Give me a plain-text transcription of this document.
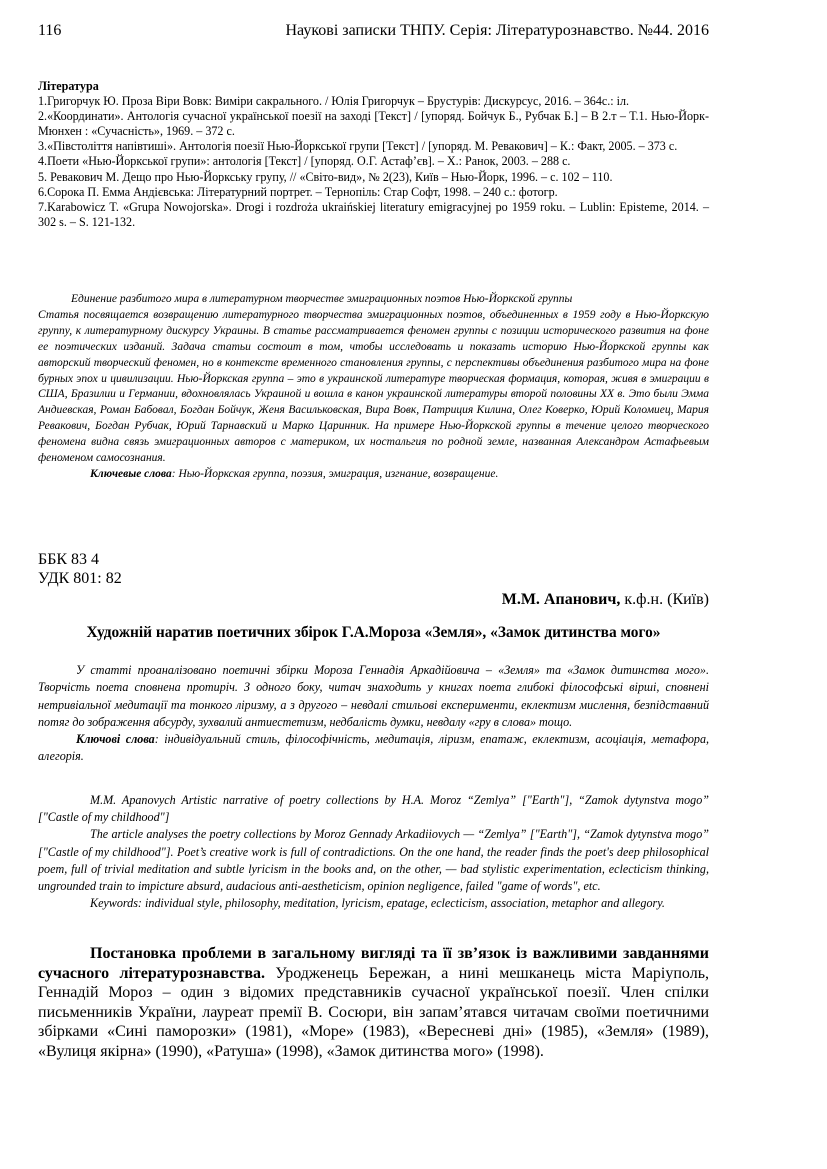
116	Наукові записки ТНПУ. Серія: Літературознавство. №44. 2016
Література

1.Григорчук Ю. Проза Віри Вовк: Виміри сакрального. / Юлія Григорчук – Брустурів: Дискурсус, 2016. – 364с.: іл.

2.«Координати». Антологія сучасної української поезії на заході [Текст] / [упоряд. Бойчук Б., Рубчак Б.] – В 2.т – Т.1. Нью-Йорк-Мюнхен : «Сучасність», 1969. – 372 с.

3.«Півстоліття напівтиші». Антологія поезії Нью-Йоркської групи [Текст] / [упоряд. М. Ревакович] – К.: Факт, 2005. – 373 с.

4.Поети «Нью-Йоркської групи»: антологія [Текст] / [упоряд. О.Г. Астаф’єв]. – Х.: Ранок, 2003. – 288 с.

5. Ревакович М. Дещо про Нью-Йоркську групу, // «Світо-вид», № 2(23), Київ – Нью-Йорк, 1996. – с. 102 – 110.

6.Сорока П. Емма Андієвська: Літературний портрет. – Тернопіль: Стар Софт, 1998. – 240 с.: фотогр.

7.Karabowicz T. «Grupa Nowojorska». Drogi i rozdroża ukraińskiej literatury emigracyjnej po 1959 roku. – Lublin: Episteme, 2014. – 302 s. – S. 121-132.

Единение разбитого мира в литературном творчестве эмиграционных поэтов Нью-Йоркской группы

Статья посвящается возвращению литературного творчества эмиграционных поэтов, объединенных в 1959 году в Нью-Йоркскую группу, к литературному дискурсу Украины. В статье рассматривается феномен группы с позиции исторического развития на фоне ее поэтических изданий. Задача статьи состоит в том, чтобы исследовать и показать историю Нью-Йоркской группы как авторский творческий феномен, но в контексте временного становления группы, с перспективы объединения разбитого мира на фоне бурных эпох и цивилизации. Нью-Йоркская группа – это в украинской литературе творческая формация, которая, живя в эмиграции в США, Бразилии и Германии, вдохновлялась Украиной и вошла в канон украинской литературы второй половины XX в. Это были Эмма Андиевская, Роман Бабовал, Богдан Бойчук, Женя Васильковская, Вира Вовк, Патриция Килина, Олег Коверко, Юрий Коломиец, Мария Ревакович, Богдан Рубчак, Юрий Тарнавский и Марко Царинник. На примере Нью-Йоркской группы в течение целого творческого феномена видна связь эмиграционных авторов с материком, их ностальгия по родной земле, названная Александром Астафьевым феноменом самосознания.

Ключевые слова: Нью-Йоркская группа, поэзия, эмиграция, изгнание, возвращение.

ББК 83 4
УДК 801: 82
М.М. Апанович, к.ф.н. (Київ)
Художній наратив поетичних збірок Г.А.Мороза «Земля», «Замок дитинства мого»

У статті проаналізовано поетичні збірки Мороза Геннадія Аркадійовича – «Земля» та «Замок дитинства мого». Творчість поета сповнена протиріч. З одного боку, читач знаходить у книгах поета глибокі філософські вірші, сповнені нетривіальної медитації та тонкого ліризму, а з другого – невдалі стильові експерименти, еклектизм мислення, безпідставний потяг до зображення абсурду, зухвалий антиестетизм, недбалість думки, невдалу «гру в слова» тощо.

Ключові слова: індивідуальний стиль, філософічність, медитація, ліризм, епатаж, еклектизм, асоціація, метафора, алегорія.

M.M. Apanovych Artistic narrative of poetry collections by H.A. Moroz “Zemlya” ["Earth"], “Zamok dytynstva mogo” ["Castle of my childhood"]

The article analyses the poetry collections by Moroz Gennady Arkadiiovych — “Zemlya” ["Earth"], “Zamok dytynstva mogo” ["Castle of my childhood"]. Poet’s creative work is full of contradictions. On the one hand, the reader finds the poet's deep philosophical poem, full of trivial meditation and subtle lyricism in the books and, on the other, — bad stylistic experimentation, eclecticism thinking, ungrounded train to impicture absurd, audacious anti-aestheticism, opinion negligence, failed "game of words", etc.

Keywords: individual style, philosophy, meditation, lyricism, epatage, eclecticism, association, metaphor and allegory.

Постановка проблеми в загальному вигляді та її зв’язок із важливими завданнями сучасного літературознавства. Уродженець Бережан, а нині мешканець міста Маріуполь, Геннадій Мороз – один з відомих представників сучасної української поезії. Член спілки письменників України, лауреат премії В. Сосюри, він запам’ятався читачам своїми поетичними збірками «Сині паморозки» (1981), «Море» (1983), «Вересневі дні» (1985), «Земля» (1989), «Вулиця якірна» (1990), «Ратуша» (1998), «Замок дитинства мого» (1998).
